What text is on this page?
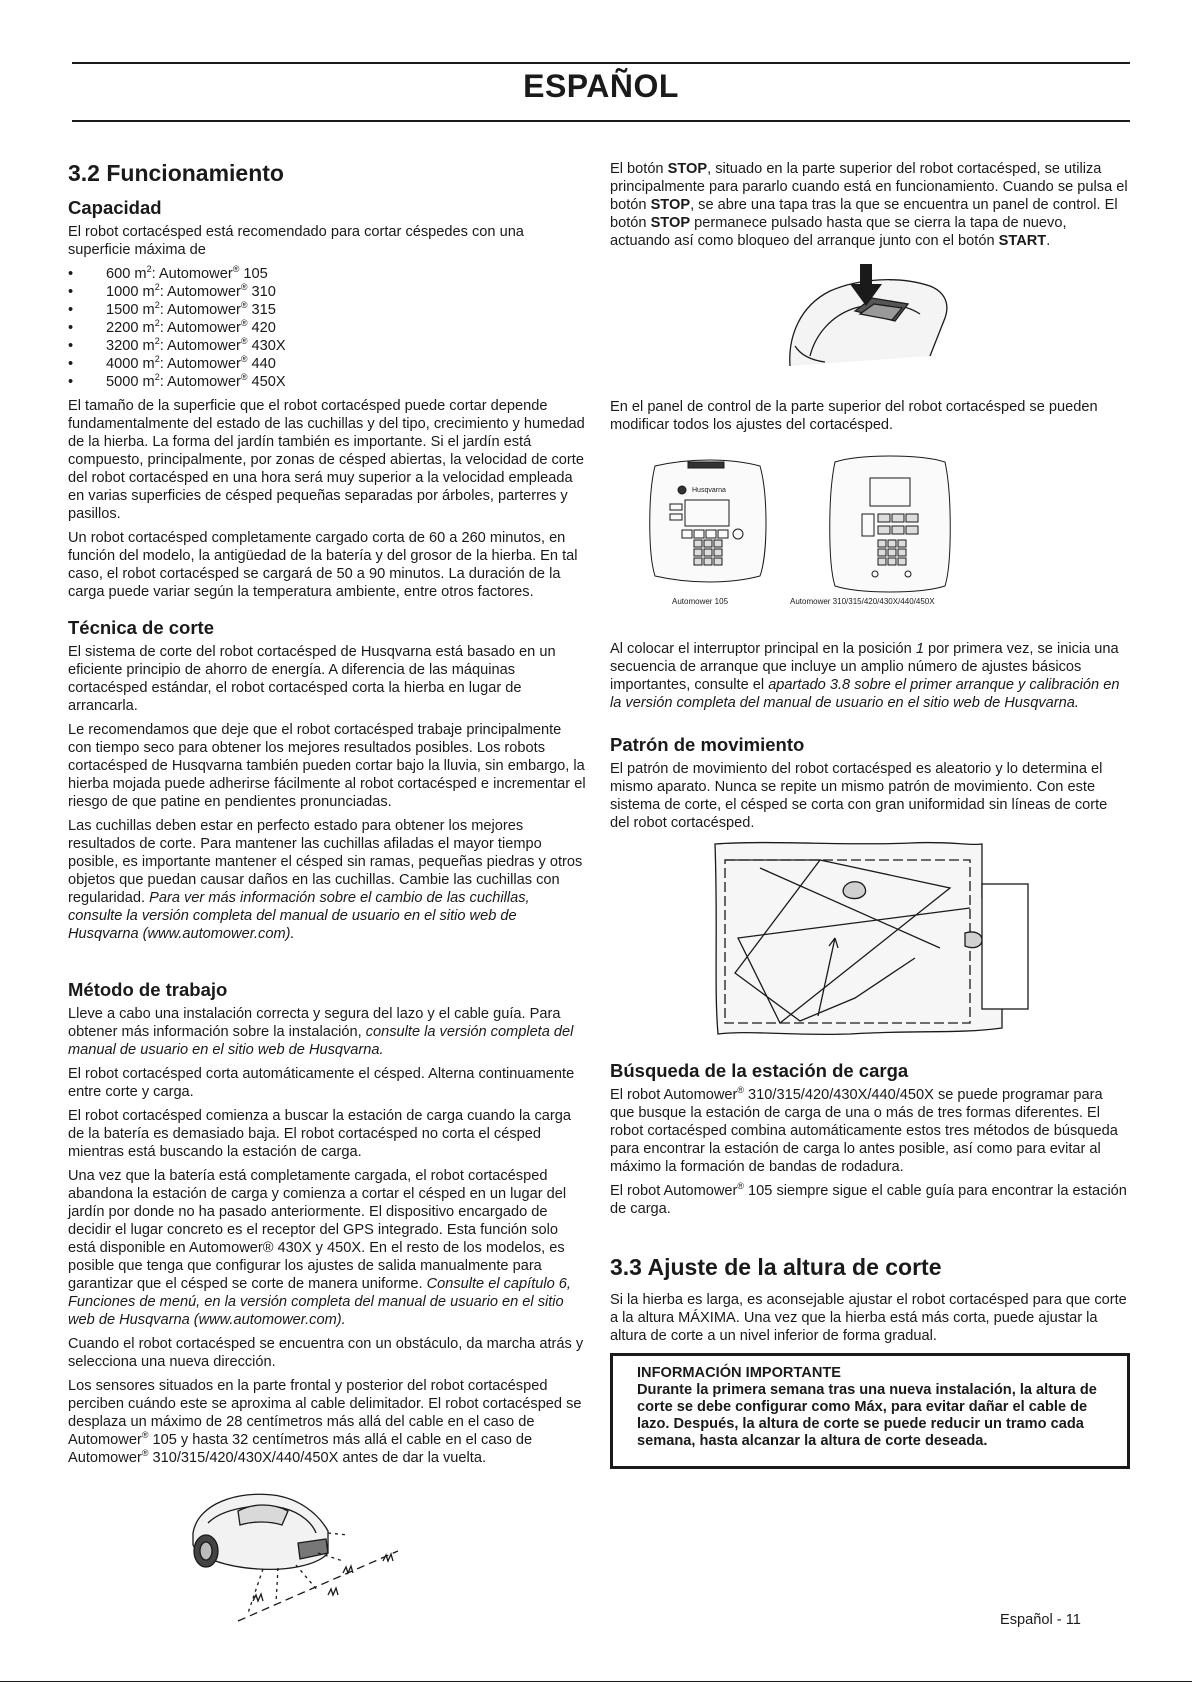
ESPAÑOL
3.2 Funcionamiento
Capacidad

El robot cortacésped está recomendado para cortar céspedes con una superficie máxima de

• 600 $m^2$: Automower® 105
• 1000 $m^2$: Automower® 310
• 1500 $m^2$: Automower® 315
• 2200 $m^2$: Automower® 420
• 3200 $m^2$: Automower® 430X
• 4000 $m^2$: Automower® 440
• 5000 $m^2$: Automower® 450X

El tamaño de la superficie que el robot cortacésped puede cortar depende fundamentalmente del estado de las cuchillas y del tipo, crecimiento y humedad de la hierba. La forma del jardín también es importante. Si el jardín está compuesto, principalmente, por zonas de césped abiertas, la velocidad de corte del robot cortacésped en una hora será muy superior a la velocidad empleada en varias superficies de césped pequeñas separadas por árboles, parterres y pasillos.

Un robot cortacésped completamente cargado corta de 60 a 260 minutos, en función del modelo, la antigüedad de la batería y del grosor de la hierba. En tal caso, el robot cortacésped se cargará de 50 a 90 minutos. La duración de la carga puede variar según la temperatura ambiente, entre otros factores.

Técnica de corte

El sistema de corte del robot cortacésped de Husqvarna está basado en un eficiente principio de ahorro de energía. A diferencia de las máquinas cortacésped estándar, el robot cortacésped corta la hierba en lugar de arrancarla.

Le recomendamos que deje que el robot cortacésped trabaje principalmente con tiempo seco para obtener los mejores resultados posibles. Los robots cortacésped de Husqvarna también pueden cortar bajo la lluvia, sin embargo, la hierba mojada puede adherirse fácilmente al robot cortacésped e incrementar el riesgo de que patine en pendientes pronunciadas.

Las cuchillas deben estar en perfecto estado para obtener los mejores resultados de corte. Para mantener las cuchillas afiladas el mayor tiempo posible, es importante mantener el césped sin ramas, pequeñas piedras y otros objetos que puedan causar daños en las cuchillas. Cambie las cuchillas con regularidad. Para ver más información sobre el cambio de las cuchillas, consulte la versión completa del manual de usuario en el sitio web de Husqvarna (www.automower.com).

Método de trabajo

Lleve a cabo una instalación correcta y segura del lazo y el cable guía. Para obtener más información sobre la instalación, consulte la versión completa del manual de usuario en el sitio web de Husqvarna.

El robot cortacésped corta automáticamente el césped. Alterna continuamente entre corte y carga.

El robot cortacésped comienza a buscar la estación de carga cuando la carga de la batería es demasiado baja. El robot cortacésped no corta el césped mientras está buscando la estación de carga.

Una vez que la batería está completamente cargada, el robot cortacésped abandona la estación de carga y comienza a cortar el césped en un lugar del jardín por donde no ha pasado anteriormente. El dispositivo encargado de decidir el lugar concreto es el receptor del GPS integrado. Esta función solo está disponible en Automower® 430X y 450X. En el resto de los modelos, es posible que tenga que configurar los ajustes de salida manualmente para garantizar que el césped se corte de manera uniforme. Consulte el capítulo 6, Funciones de menú, en la versión completa del manual de usuario en el sitio web de Husqvarna (www.automower.com).

Cuando el robot cortacésped se encuentra con un obstáculo, da marcha atrás y selecciona una nueva dirección.

Los sensores situados en la parte frontal y posterior del robot cortacésped perciben cuándo este se aproxima al cable delimitador. El robot cortacésped se desplaza un máximo de 28 centímetros más allá del cable en el caso de Automower® 105 y hasta 32 centímetros más allá el cable en el caso de Automower® 310/315/420/430X/440/450X antes de dar la vuelta.

El botón STOP, situado en la parte superior del robot cortacésped, se utiliza principalmente para pararlo cuando está en funcionamiento. Cuando se pulsa el botón STOP, se abre una tapa tras la que se encuentra un panel de control. El botón STOP permanece pulsado hasta que se cierra la tapa de nuevo, actuando así como bloqueo del arranque junto con el botón START.

En el panel de control de la parte superior del robot cortacésped se pueden modificar todos los ajustes del cortacésped.

Husqvarna
Automower 105	Automower 310/315/420/430X/440/450X

Al colocar el interruptor principal en la posición 1 por primera vez, se inicia una secuencia de arranque que incluye un amplio número de ajustes básicos importantes, consulte el apartado 3.8 sobre el primer arranque y calibración en la versión completa del manual de usuario en el sitio web de Husqvarna.

Patrón de movimiento

El patrón de movimiento del robot cortacésped es aleatorio y lo determina el mismo aparato. Nunca se repite un mismo patrón de movimiento. Con este sistema de corte, el césped se corta con gran uniformidad sin líneas de corte del robot cortacésped.

Búsqueda de la estación de carga

El robot Automower® 310/315/420/430X/440/450X se puede programar para que busque la estación de carga de una o más de tres formas diferentes. El robot cortacésped combina automáticamente estos tres métodos de búsqueda para encontrar la estación de carga lo antes posible, así como para evitar al máximo la formación de bandas de rodadura.

El robot Automower® 105 siempre sigue el cable guía para encontrar la estación de carga.

3.3 Ajuste de la altura de corte

Si la hierba es larga, es aconsejable ajustar el robot cortacésped para que corte a la altura MÁXIMA. Una vez que la hierba está más corta, puede ajustar la altura de corte a un nivel inferior de forma gradual.

INFORMACIÓN IMPORTANTE

Durante la primera semana tras una nueva instalación, la altura de corte se debe configurar como Máx, para evitar dañar el cable de lazo. Después, la altura de corte se puede reducir un tramo cada semana, hasta alcanzar la altura de corte deseada.

Español - 11
